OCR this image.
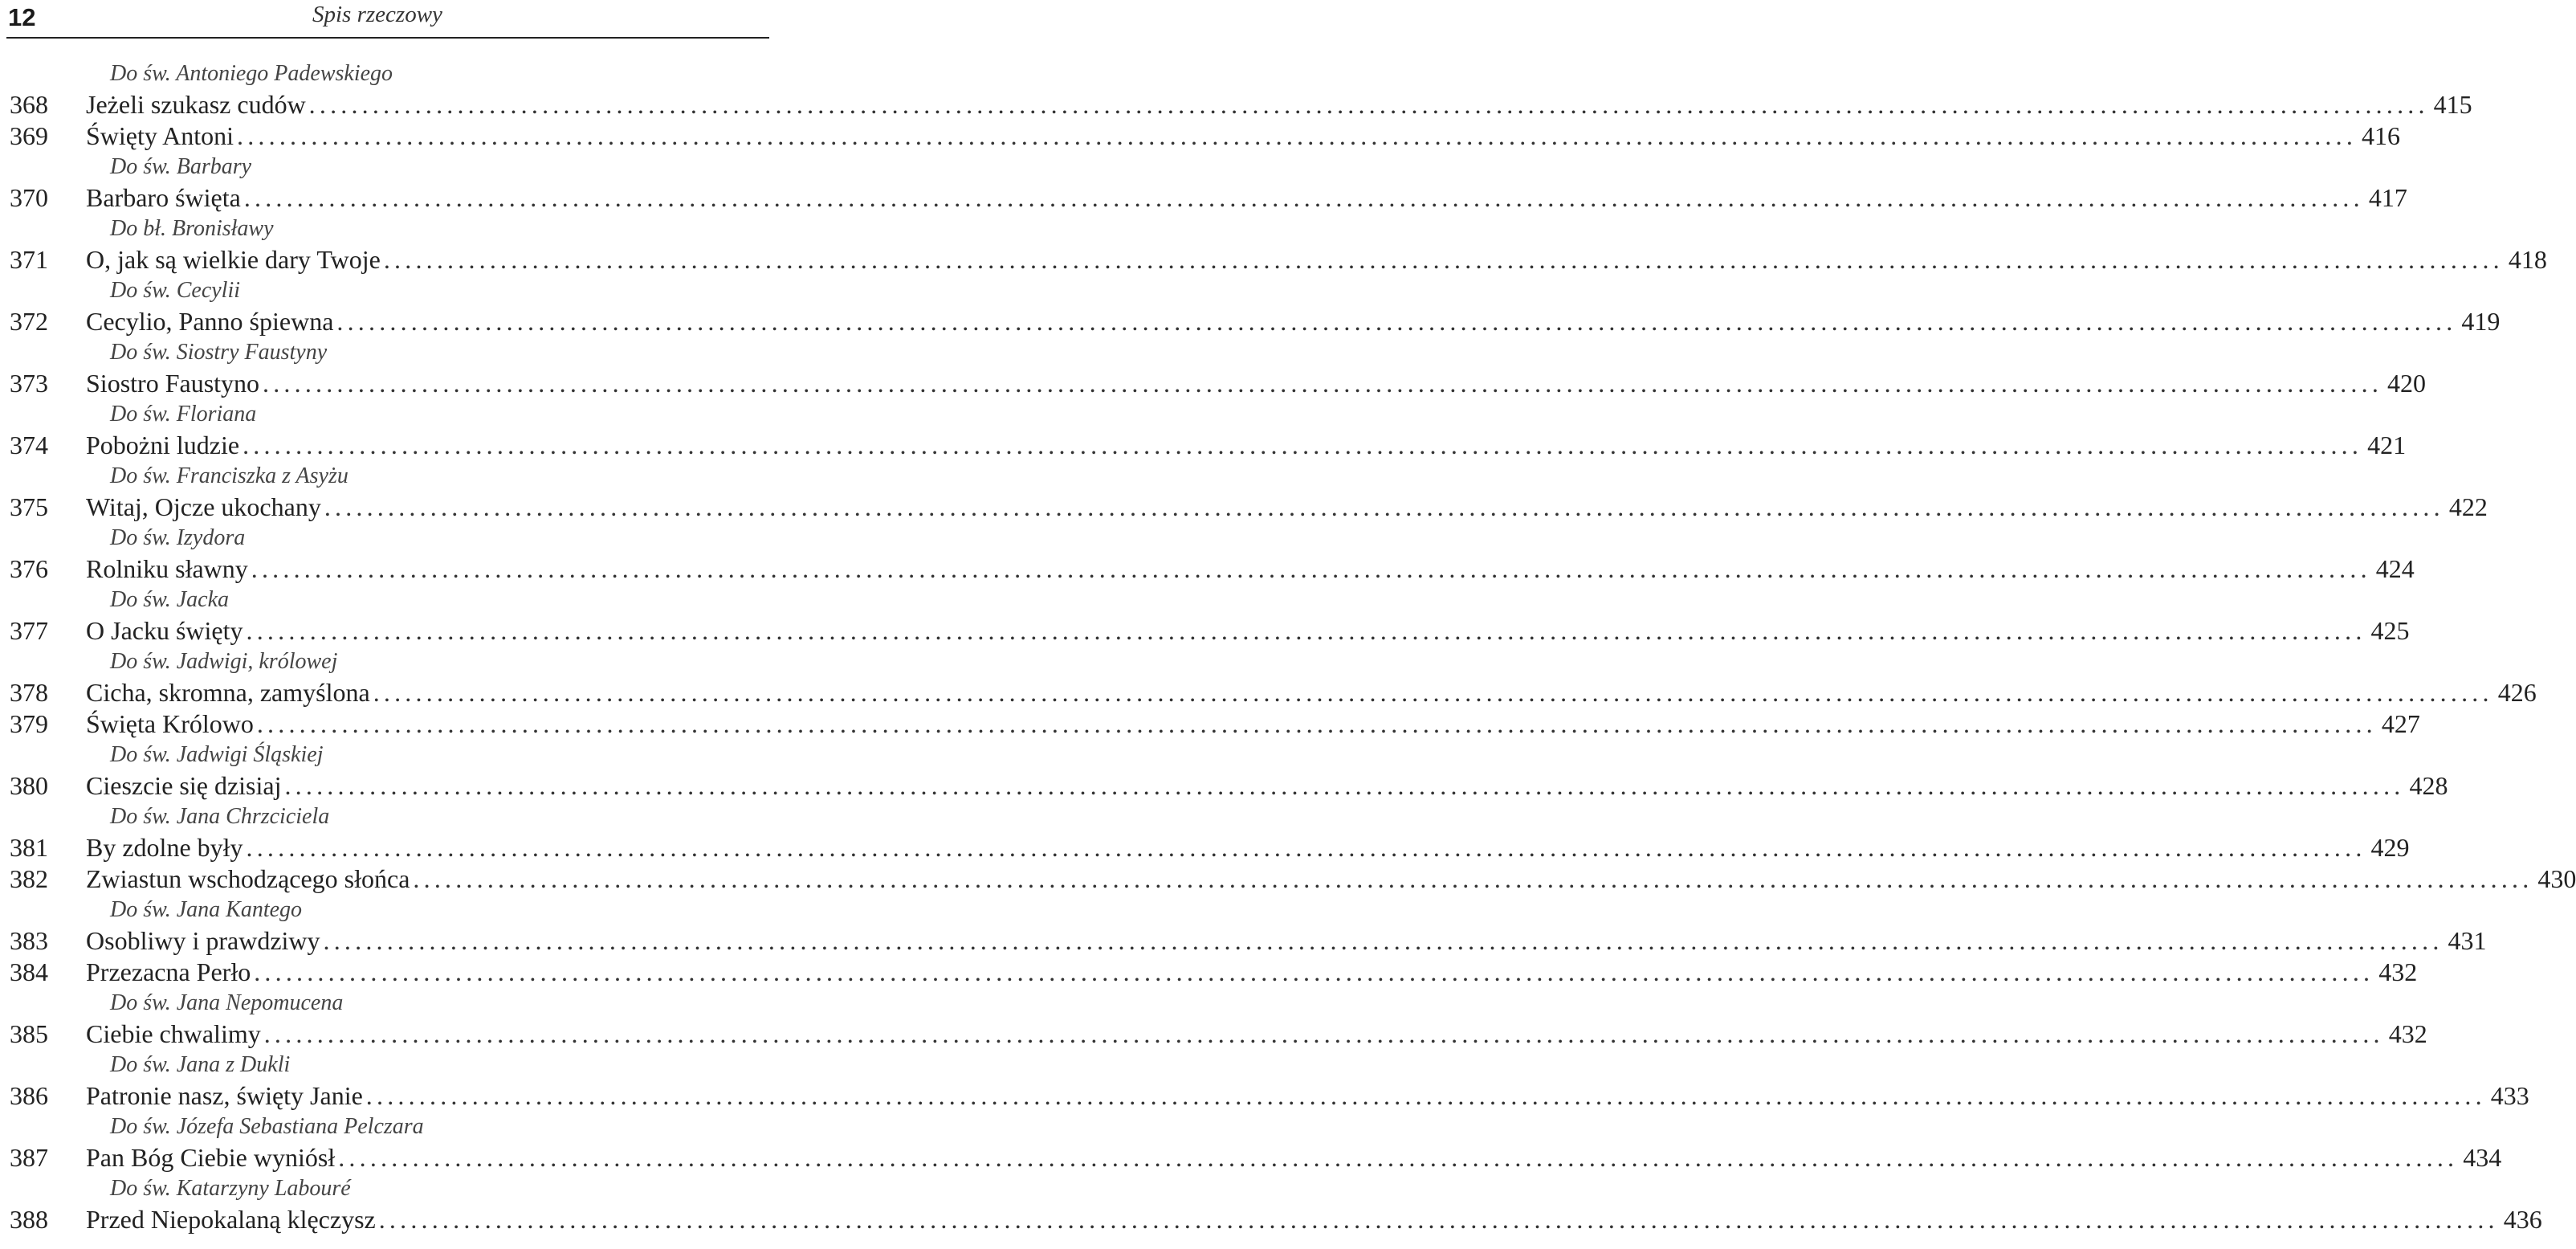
12	Spis rzeczowy
Do św. Antoniego Padewskiego
368 Jeżeli szukasz cudów ........................................................................................................................................................................................................ 415
369 Święty Antoni ........................................................................................................................................................................................................ 416
Do św. Barbary
370 Barbaro święta ........................................................................................................................................................................................................ 417
Do bł. Bronisławy
371 O, jak są wielkie dary Twoje ........................................................................................................................................................................................................ 418
Do św. Cecylii
372 Cecylio, Panno śpiewna ........................................................................................................................................................................................................ 419
Do św. Siostry Faustyny
373 Siostro Faustyno ........................................................................................................................................................................................................ 420
Do św. Floriana
374 Pobożni ludzie ........................................................................................................................................................................................................ 421
Do św. Franciszka z Asyżu
375 Witaj, Ojcze ukochany ........................................................................................................................................................................................................ 422
Do św. Izydora
376 Rolniku sławny ........................................................................................................................................................................................................ 424
Do św. Jacka
377 O Jacku święty ........................................................................................................................................................................................................ 425
Do św. Jadwigi, królowej
378 Cicha, skromna, zamyślona ........................................................................................................................................................................................................ 426
379 Święta Królowo ........................................................................................................................................................................................................ 427
Do św. Jadwigi Śląskiej
380 Cieszcie się dzisiaj ........................................................................................................................................................................................................ 428
Do św. Jana Chrzciciela
381 By zdolne były ........................................................................................................................................................................................................ 429
382 Zwiastun wschodzącego słońca ........................................................................................................................................................................................................ 430
Do św. Jana Kantego
383 Osobliwy i prawdziwy ........................................................................................................................................................................................................ 431
384 Przezacna Perło ........................................................................................................................................................................................................ 432
Do św. Jana Nepomucena
385 Ciebie chwalimy ........................................................................................................................................................................................................ 432
Do św. Jana z Dukli
386 Patronie nasz, święty Janie ........................................................................................................................................................................................................ 433
Do św. Józefa Sebastiana Pelczara
387 Pan Bóg Ciebie wyniósł ........................................................................................................................................................................................................ 434
Do św. Katarzyny Labouré
388 Przed Niepokalaną klęczysz ........................................................................................................................................................................................................ 436
